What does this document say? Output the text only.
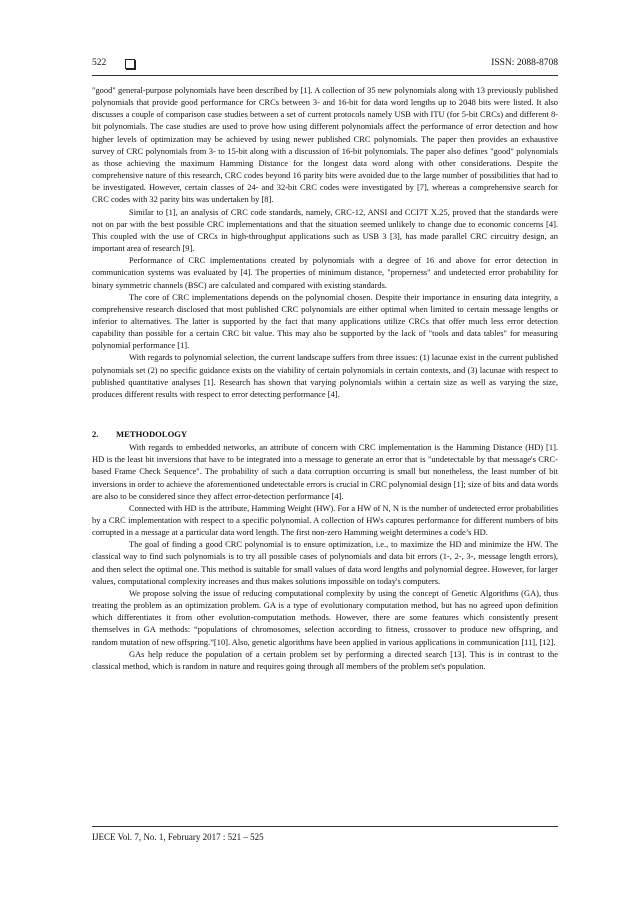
522	ISSN: 2088-8708

"good" general-purpose polynomials have been described by [1]. A collection of 35 new polynomials along with 13 previously published polynomials that provide good performance for CRCs between 3- and 16-bit for data word lengths up to 2048 bits were listed. It also discusses a couple of comparison case studies between a set of current protocols namely USB with ITU (for 5-bit CRCs) and different 8-bit polynomials. The case studies are used to prove how using different polynomials affect the performance of error detection and how higher levels of optimization may be achieved by using newer published CRC polynomials. The paper then provides an exhaustive survey of CRC polynomials from 3- to 15-bit along with a discussion of 16-bit polynomials. The paper also defines "good" polynomials as those achieving the maximum Hamming Distance for the longest data word along with other considerations. Despite the comprehensive nature of this research, CRC codes beyond 16 parity bits were avoided due to the large number of possibilities that had to be investigated. However, certain classes of 24- and 32-bit CRC codes were investigated by [7], whereas a comprehensive search for CRC codes with 32 parity bits was undertaken by [8].

Similar to [1], an analysis of CRC code standards, namely, CRC-12, ANSI and CCI7T X.25, proved that the standards were not on par with the best possible CRC implementations and that the situation seemed unlikely to change due to economic concerns [4]. This coupled with the use of CRCs in high-throughput applications such as USB 3 [3], has made parallel CRC circuitry design, an important area of research [9].

Performance of CRC implementations created by polynomials with a degree of 16 and above for error detection in communication systems was evaluated by [4]. The properties of minimum distance, "properness" and undetected error probability for binary symmetric channels (BSC) are calculated and compared with existing standards.

The core of CRC implementations depends on the polynomial chosen. Despite their importance in ensuring data integrity, a comprehensive research disclosed that most published CRC polynomials are either optimal when limited to certain message lengths or inferior to alternatives. The latter is supported by the fact that many applications utilize CRCs that offer much less error detection capability than possible for a certain CRC bit value. This may also be supported by the lack of "tools and data tables" for measuring polynomial performance [1].

With regards to polynomial selection, the current landscape suffers from three issues: (1) lacunae exist in the current published polynomials set (2) no specific guidance exists on the viability of certain polynomials in certain contexts, and (3) lacunae with respect to published quantitative analyses [1]. Research has shown that varying polynomials within a certain size as well as varying the size, produces different results with respect to error detecting performance [4].

2. METHODOLOGY

With regards to embedded networks, an attribute of concern with CRC implementation is the Hamming Distance (HD) [1]. HD is the least bit inversions that have to be integrated into a message to generate an error that is "undetectable by that message's CRC-based Frame Check Sequence". The probability of such a data corruption occurring is small but nonetheless, the least number of bit inversions in order to achieve the aforementioned undetectable errors is crucial in CRC polynomial design [1]; size of bits and data words are also to be considered since they affect error-detection performance [4].

Connected with HD is the attribute, Hamming Weight (HW). For a HW of N, N is the number of undetected error probabilities by a CRC implementation with respect to a specific polynomial. A collection of HWs captures performance for different numbers of bits corrupted in a message at a particular data word length. The first non-zero Hamming weight determines a code’s HD.

The goal of finding a good CRC polynomial is to ensure optimization, i.e., to maximize the HD and minimize the HW. The classical way to find such polynomials is to try all possible cases of polynomials and data bit errors (1-, 2-, 3-, message length errors), and then select the optimal one. This method is suitable for small values of data word lengths and polynomial degree. However, for larger values, computational complexity increases and thus makes solutions impossible on today's computers.

We propose solving the issue of reducing computational complexity by using the concept of Genetic Algorithms (GA), thus treating the problem as an optimization problem. GA is a type of evolutionary computation method, but has no agreed upon definition which differentiates it from other evolution-computation methods. However, there are some features which consistently present themselves in GA methods: “populations of chromosomes, selection according to fitness, crossover to produce new offspring, and random mutation of new offspring.”[10]. Also, genetic algorithms have been applied in various applications in communication [11], [12].

GAs help reduce the population of a certain problem set by performing a directed search [13]. This is in contrast to the classical method, which is random in nature and requires going through all members of the problem set's population.

IJECE Vol. 7, No. 1, February 2017 : 521 – 525
